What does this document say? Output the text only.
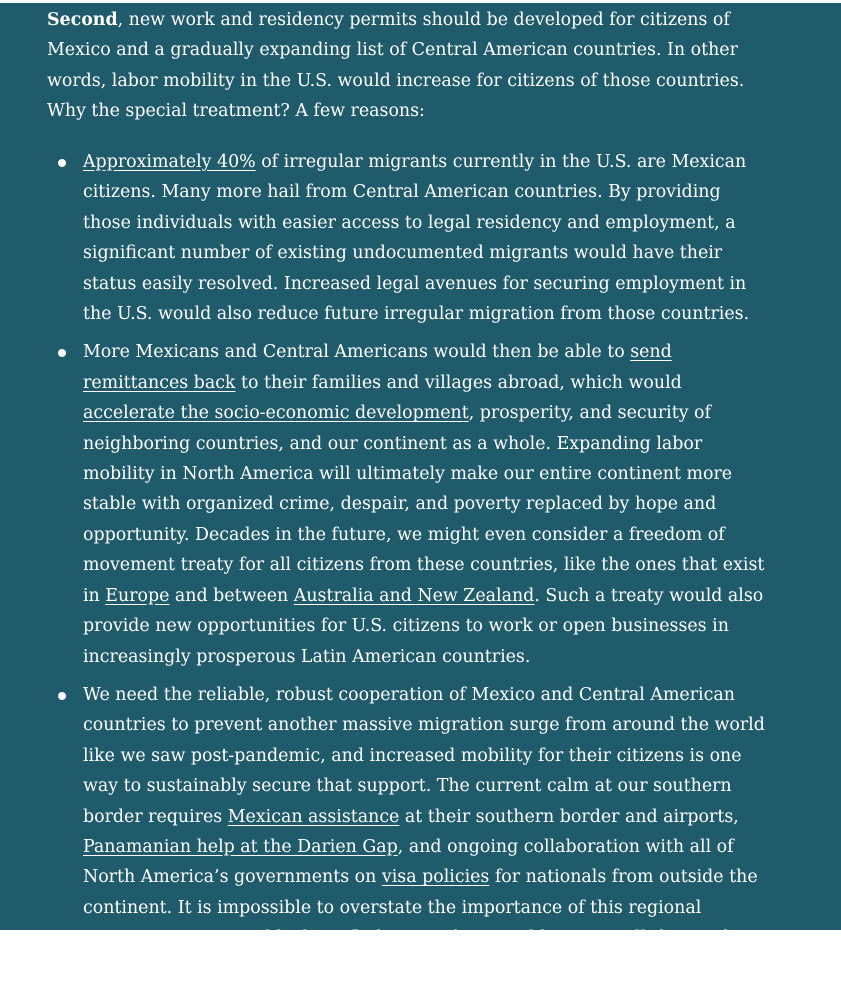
Second, new work and residency permits should be developed for citizens of Mexico and a gradually expanding list of Central American countries. In other words, labor mobility in the U.S. would increase for citizens of those countries. Why the special treatment? A few reasons:

Approximately 40% of irregular migrants currently in the U.S. are Mexican citizens. Many more hail from Central American countries. By providing those individuals with easier access to legal residency and employment, a significant number of existing undocumented migrants would have their status easily resolved. Increased legal avenues for securing employment in the U.S. would also reduce future irregular migration from those countries.
More Mexicans and Central Americans would then be able to send remittances back to their families and villages abroad, which would accelerate the socio-economic development, prosperity, and security of neighboring countries, and our continent as a whole. Expanding labor mobility in North America will ultimately make our entire continent more stable with organized crime, despair, and poverty replaced by hope and opportunity. Decades in the future, we might even consider a freedom of movement treaty for all citizens from these countries, like the ones that exist in Europe and between Australia and New Zealand. Such a treaty would also provide new opportunities for U.S. citizens to work or open businesses in increasingly prosperous Latin American countries.
We need the reliable, robust cooperation of Mexico and Central American countries to prevent another massive migration surge from around the world like we saw post-pandemic, and increased mobility for their citizens is one way to sustainably secure that support. The current calm at our southern border requires Mexican assistance at their southern border and airports, Panamanian help at the Darien Gap, and ongoing collaboration with all of North America’s governments on visa policies for nationals from outside the continent. It is impossible to overstate the importance of this regional cooperation in a world where flights are cheap and human trafficking is big business.
